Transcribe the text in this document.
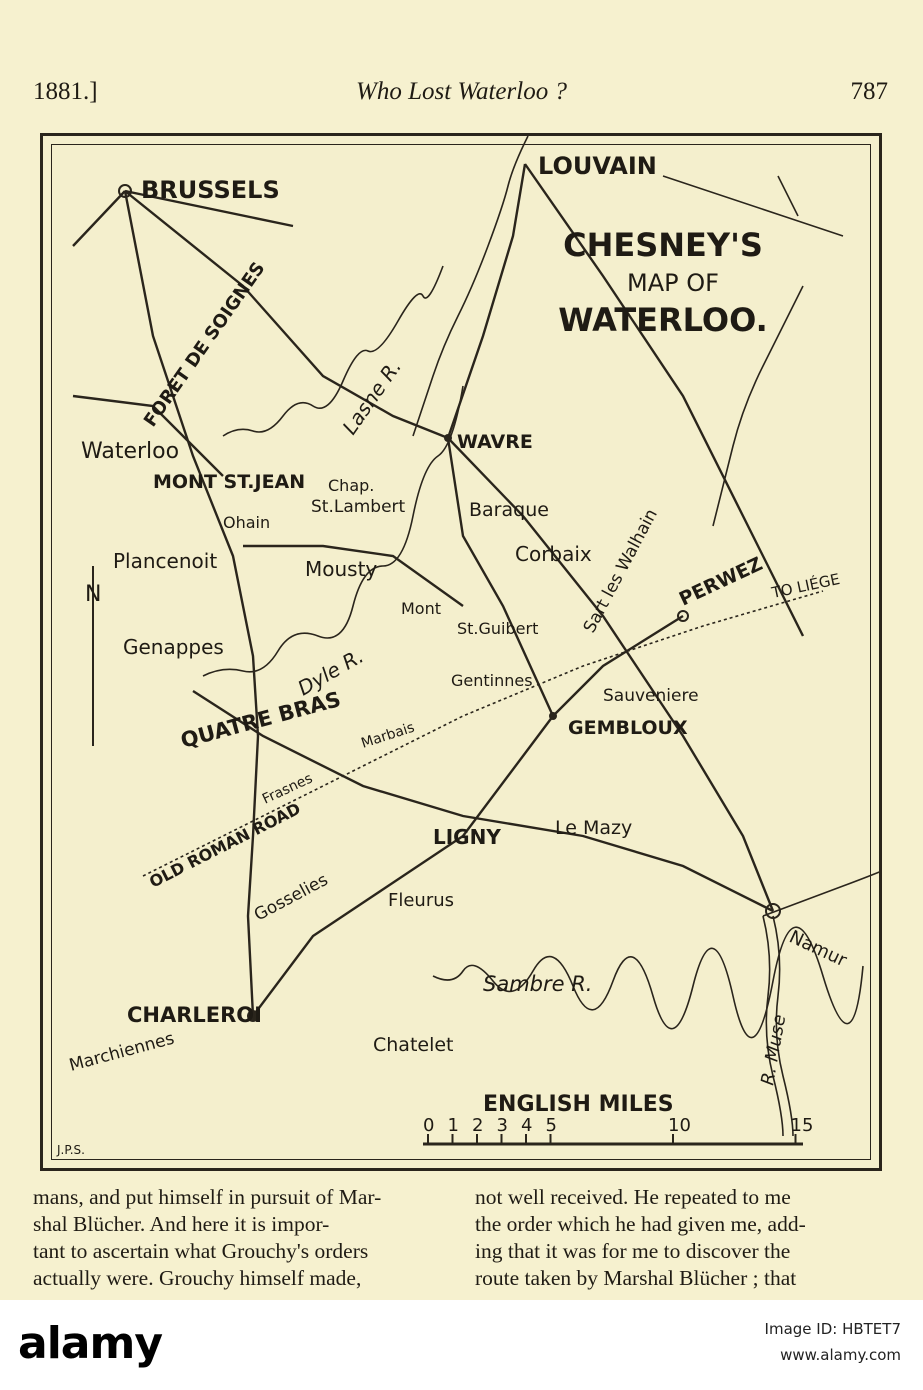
1881.]	Who Lost Waterloo ?	787
CHESNEY'S
MAP OF
WATERLOO.
BRUSSELS
LOUVAIN
Waterloo
MONT ST.JEAN
Ohain
Chap.
St.Lambert
WAVRE
Baraque
Corbaix
Plancenoit	Mousty
Mont
St.Guibert Sart les Walhain PERWEZ TO LIÉGE
Genappes
Gentinnes
Sauveniere
GEMBLOUX
QUATRE BRAS Marbais
Frasnes
OLD ROMAN ROAD	LIGNY	Le Mazy
Gosselies	Fleurus
Namur
CHARLEROI
Marchiennes	Chatelet
Lasne R.
Dyle R.
Sambre R.
R. Muse
FORET DE SOIGNES
N
ENGLISH MILES
0 1 2 3 4 5	10	15
J.P.S.
mans, and put himself in pursuit of Mar-
shal Blücher. And here it is impor-
tant to ascertain what Grouchy's orders
actually were. Grouchy himself made,
not well received. He repeated to me
the order which he had given me, add-
ing that it was for me to discover the
route taken by Marshal Blücher ; that
alamy	Image ID: HBTET7
www.alamy.com
